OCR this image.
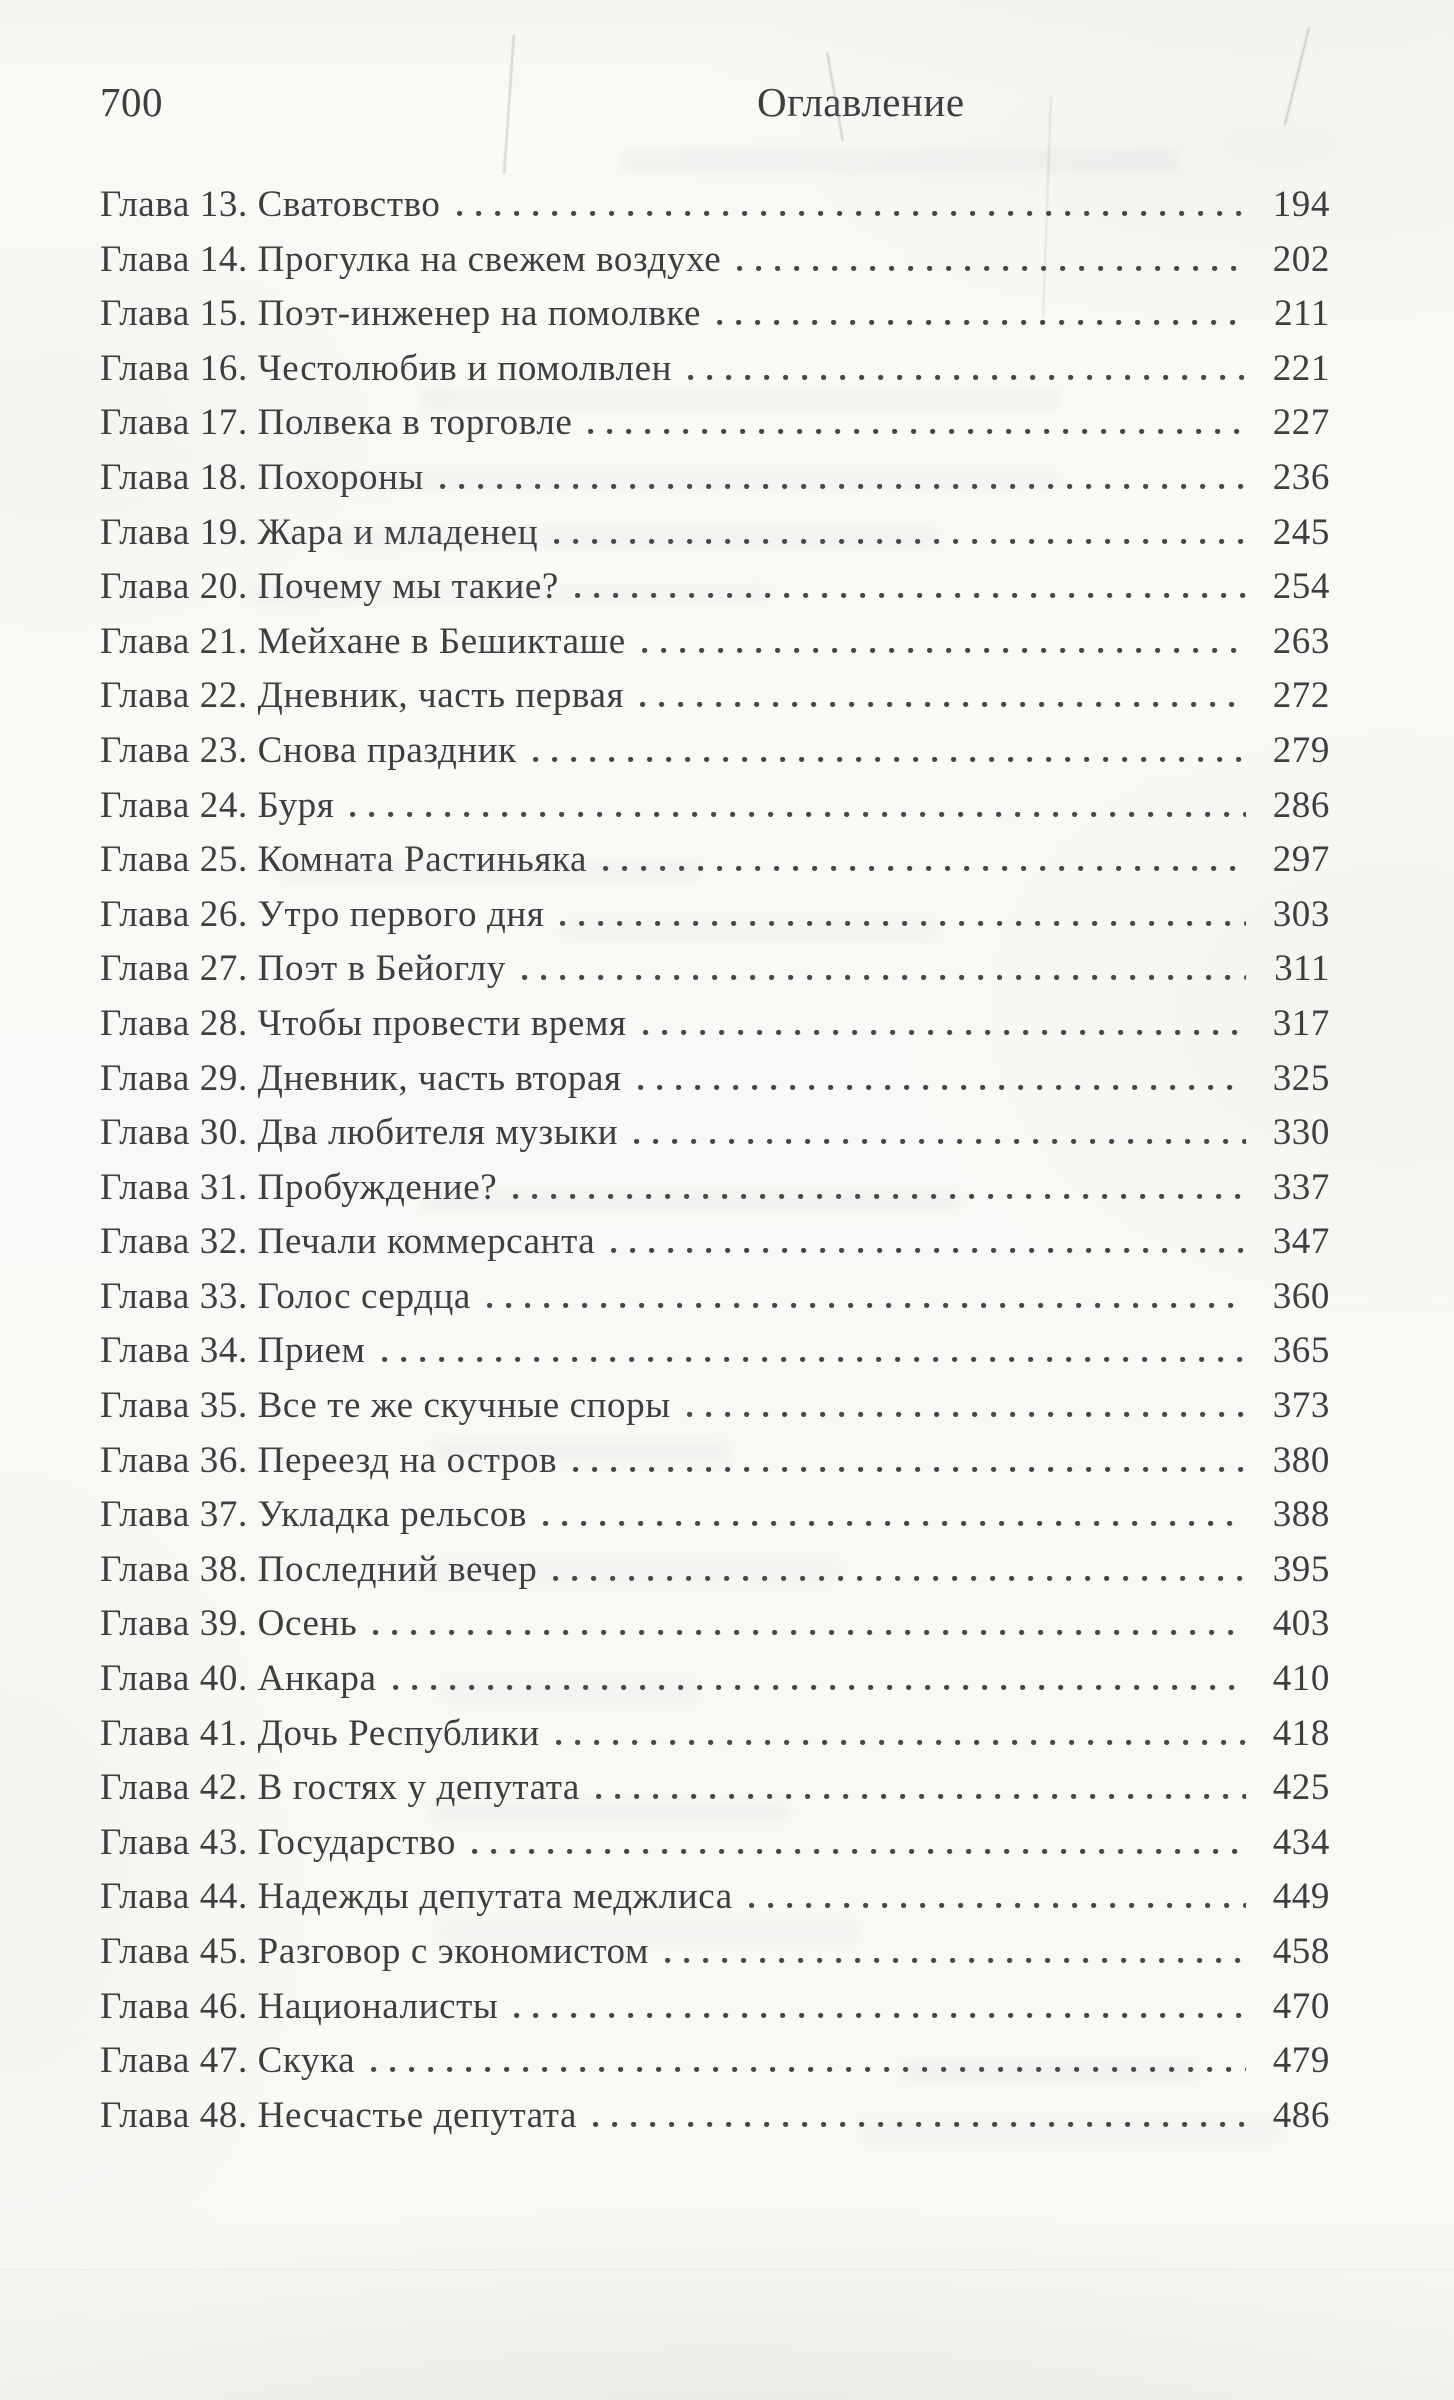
700	Оглавление
Глава 13. Сватовство	194
Глава 14. Прогулка на свежем воздухе	202
Глава 15. Поэт-инженер на помолвке	211
Глава 16. Честолюбив и помолвлен	221
Глава 17. Полвека в торговле	227
Глава 18. Похороны	236
Глава 19. Жара и младенец	245
Глава 20. Почему мы такие?	254
Глава 21. Мейхане в Бешикташе	263
Глава 22. Дневник, часть первая	272
Глава 23. Снова праздник	279
Глава 24. Буря	286
Глава 25. Комната Растиньяка	297
Глава 26. Утро первого дня	303
Глава 27. Поэт в Бейоглу	311
Глава 28. Чтобы провести время	317
Глава 29. Дневник, часть вторая	325
Глава 30. Два любителя музыки	330
Глава 31. Пробуждение?	337
Глава 32. Печали коммерсанта	347
Глава 33. Голос сердца	360
Глава 34. Прием	365
Глава 35. Все те же скучные споры	373
Глава 36. Переезд на остров	380
Глава 37. Укладка рельсов	388
Глава 38. Последний вечер	395
Глава 39. Осень	403
Глава 40. Анкара	410
Глава 41. Дочь Республики	418
Глава 42. В гостях у депутата	425
Глава 43. Государство	434
Глава 44. Надежды депутата меджлиса	449
Глава 45. Разговор с экономистом	458
Глава 46. Националисты	470
Глава 47. Скука	479
Глава 48. Несчастье депутата	486
